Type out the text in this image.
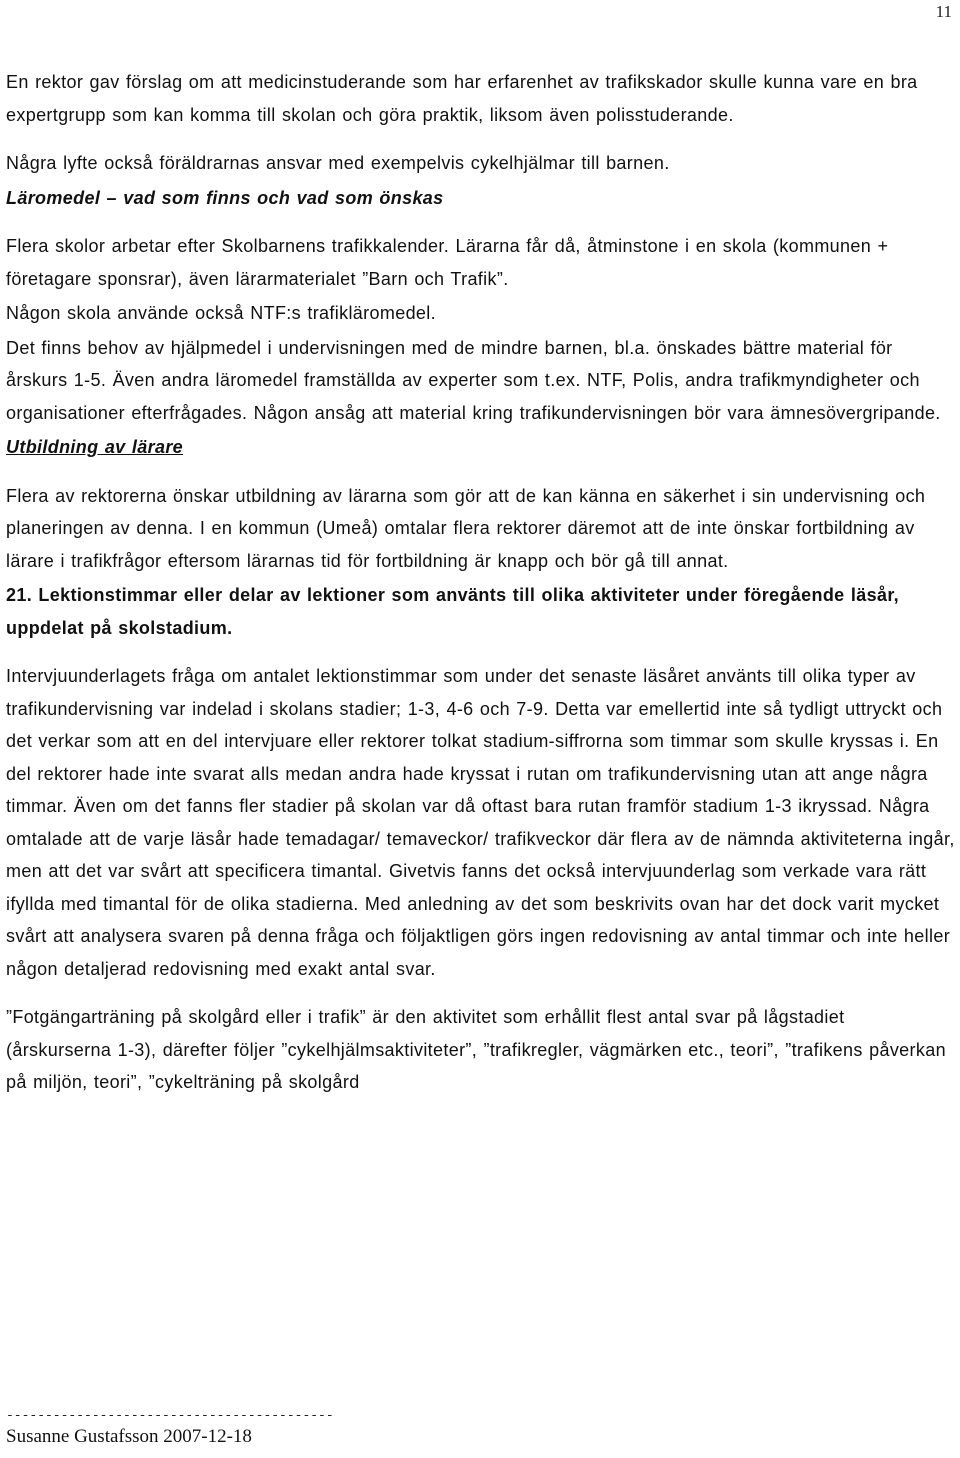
11

En rektor gav förslag om att medicinstuderande som har erfarenhet av trafikskador skulle kunna vare en bra expertgrupp som kan komma till skolan och göra praktik, liksom även polisstuderande.

Några lyfte också föräldrarnas ansvar med exempelvis cykelhjälmar till barnen.

Läromedel – vad som finns och vad som önskas

Flera skolor arbetar efter Skolbarnens trafikkalender. Lärarna får då, åtminstone i en skola (kommunen + företagare sponsrar), även lärarmaterialet ”Barn och Trafik”.

Någon skola använde också NTF:s trafikläromedel.

Det finns behov av hjälpmedel i undervisningen med de mindre barnen, bl.a. önskades bättre material för årskurs 1-5. Även andra läromedel framställda av experter som t.ex. NTF, Polis, andra trafikmyndigheter och organisationer efterfrågades. Någon ansåg att material kring trafikundervisningen bör vara ämnesövergripande.

Utbildning av lärare

Flera av rektorerna önskar utbildning av lärarna som gör att de kan känna en säkerhet i sin undervisning och planeringen av denna. I en kommun (Umeå) omtalar flera rektorer däremot att de inte önskar fortbildning av lärare i trafikfrågor eftersom lärarnas tid för fortbildning är knapp och bör gå till annat.

21. Lektionstimmar eller delar av lektioner som använts till olika aktiviteter under föregående läsår, uppdelat på skolstadium.

Intervjuunderlagets fråga om antalet lektionstimmar som under det senaste läsåret använts till olika typer av trafikundervisning var indelad i skolans stadier; 1-3, 4-6 och 7-9. Detta var emellertid inte så tydligt uttryckt och det verkar som att en del intervjuare eller rektorer tolkat stadium-siffrorna som timmar som skulle kryssas i. En del rektorer hade inte svarat alls medan andra hade kryssat i rutan om trafikundervisning utan att ange några timmar. Även om det fanns fler stadier på skolan var då oftast bara rutan framför stadium 1-3 ikryssad. Några omtalade att de varje läsår hade temadagar/ temaveckor/ trafikveckor där flera av de nämnda aktiviteterna ingår, men att det var svårt att specificera timantal. Givetvis fanns det också intervjuunderlag som verkade vara rätt ifyllda med timantal för de olika stadierna. Med anledning av det som beskrivits ovan har det dock varit mycket svårt att analysera svaren på denna fråga och följaktligen görs ingen redovisning av antal timmar och inte heller någon detaljerad redovisning med exakt antal svar.

”Fotgängarträning på skolgård eller i trafik” är den aktivitet som erhållit flest antal svar på lågstadiet (årskurserna 1-3), därefter följer ”cykelhjälmsaktiviteter”, ”trafikregler, vägmärken etc., teori”, ”trafikens påverkan på miljön, teori”, ”cykelträning på skolgård

------------------------------------------
Susanne Gustafsson 2007-12-18
